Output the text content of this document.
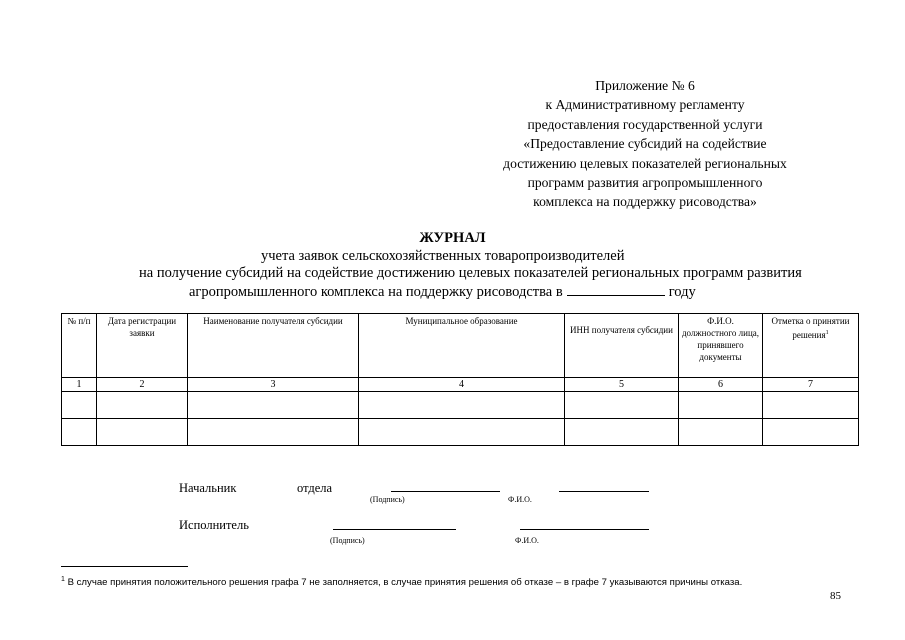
Приложение № 6
к Административному регламенту
предоставления государственной услуги
«Предоставление субсидий на содействие
достижению целевых показателей региональных
программ развития агропромышленного
комплекса на поддержку рисоводства»
ЖУРНАЛ
учета заявок сельскохозяйственных товаропроизводителей
на получение субсидий на содействие достижению целевых показателей региональных программ развития
агропромышленного комплекса на поддержку рисоводства в	году
№ п/п	Дата регистрации заявки	Наименование получателя субсидии	Муниципальное образование	ИНН получателя субсидии	Ф.И.О. должностного лица, принявшего документы	Отметка о принятии решения$^1$
1	2	3	4	5	6	7

Начальник	отдела
(Подпись)	Ф.И.О.
Исполнитель
(Подпись)	Ф.И.О.
$^1$ В случае принятия положительного решения графа 7 не заполняется, в случае принятия решения об отказе – в графе 7 указываются причины отказа.
85
